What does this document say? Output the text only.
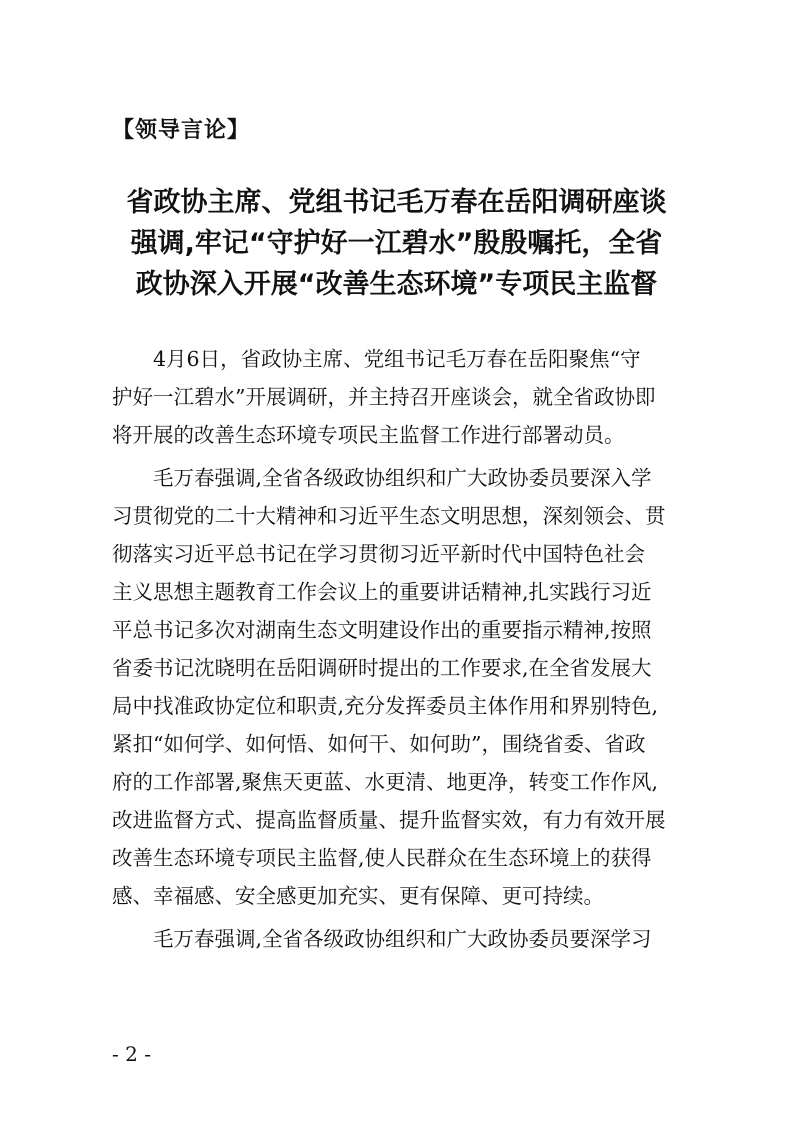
【领导言论】
省政协主席、党组书记毛万春在岳阳调研座谈
强调,牢记“守护好一江碧水”殷殷嘱托，全省
政协深入开展“改善生态环境”专项民主监督
4月6日，省政协主席、党组书记毛万春在岳阳聚焦“守
护好一江碧水”开展调研，并主持召开座谈会，就全省政协即
将开展的改善生态环境专项民主监督工作进行部署动员。
毛万春强调,全省各级政协组织和广大政协委员要深入学
习贯彻党的二十大精神和习近平生态文明思想，深刻领会、贯
彻落实习近平总书记在学习贯彻习近平新时代中国特色社会
主义思想主题教育工作会议上的重要讲话精神,扎实践行习近
平总书记多次对湖南生态文明建设作出的重要指示精神,按照
省委书记沈晓明在岳阳调研时提出的工作要求,在全省发展大
局中找准政协定位和职责,充分发挥委员主体作用和界别特色,
紧扣“如何学、如何悟、如何干、如何助”，围绕省委、省政
府的工作部署,聚焦天更蓝、水更清、地更净，转变工作作风,
改进监督方式、提高监督质量、提升监督实效，有力有效开展
改善生态环境专项民主监督,使人民群众在生态环境上的获得
感、幸福感、安全感更加充实、更有保障、更可持续。
毛万春强调,全省各级政协组织和广大政协委员要深学习
- 2 -
